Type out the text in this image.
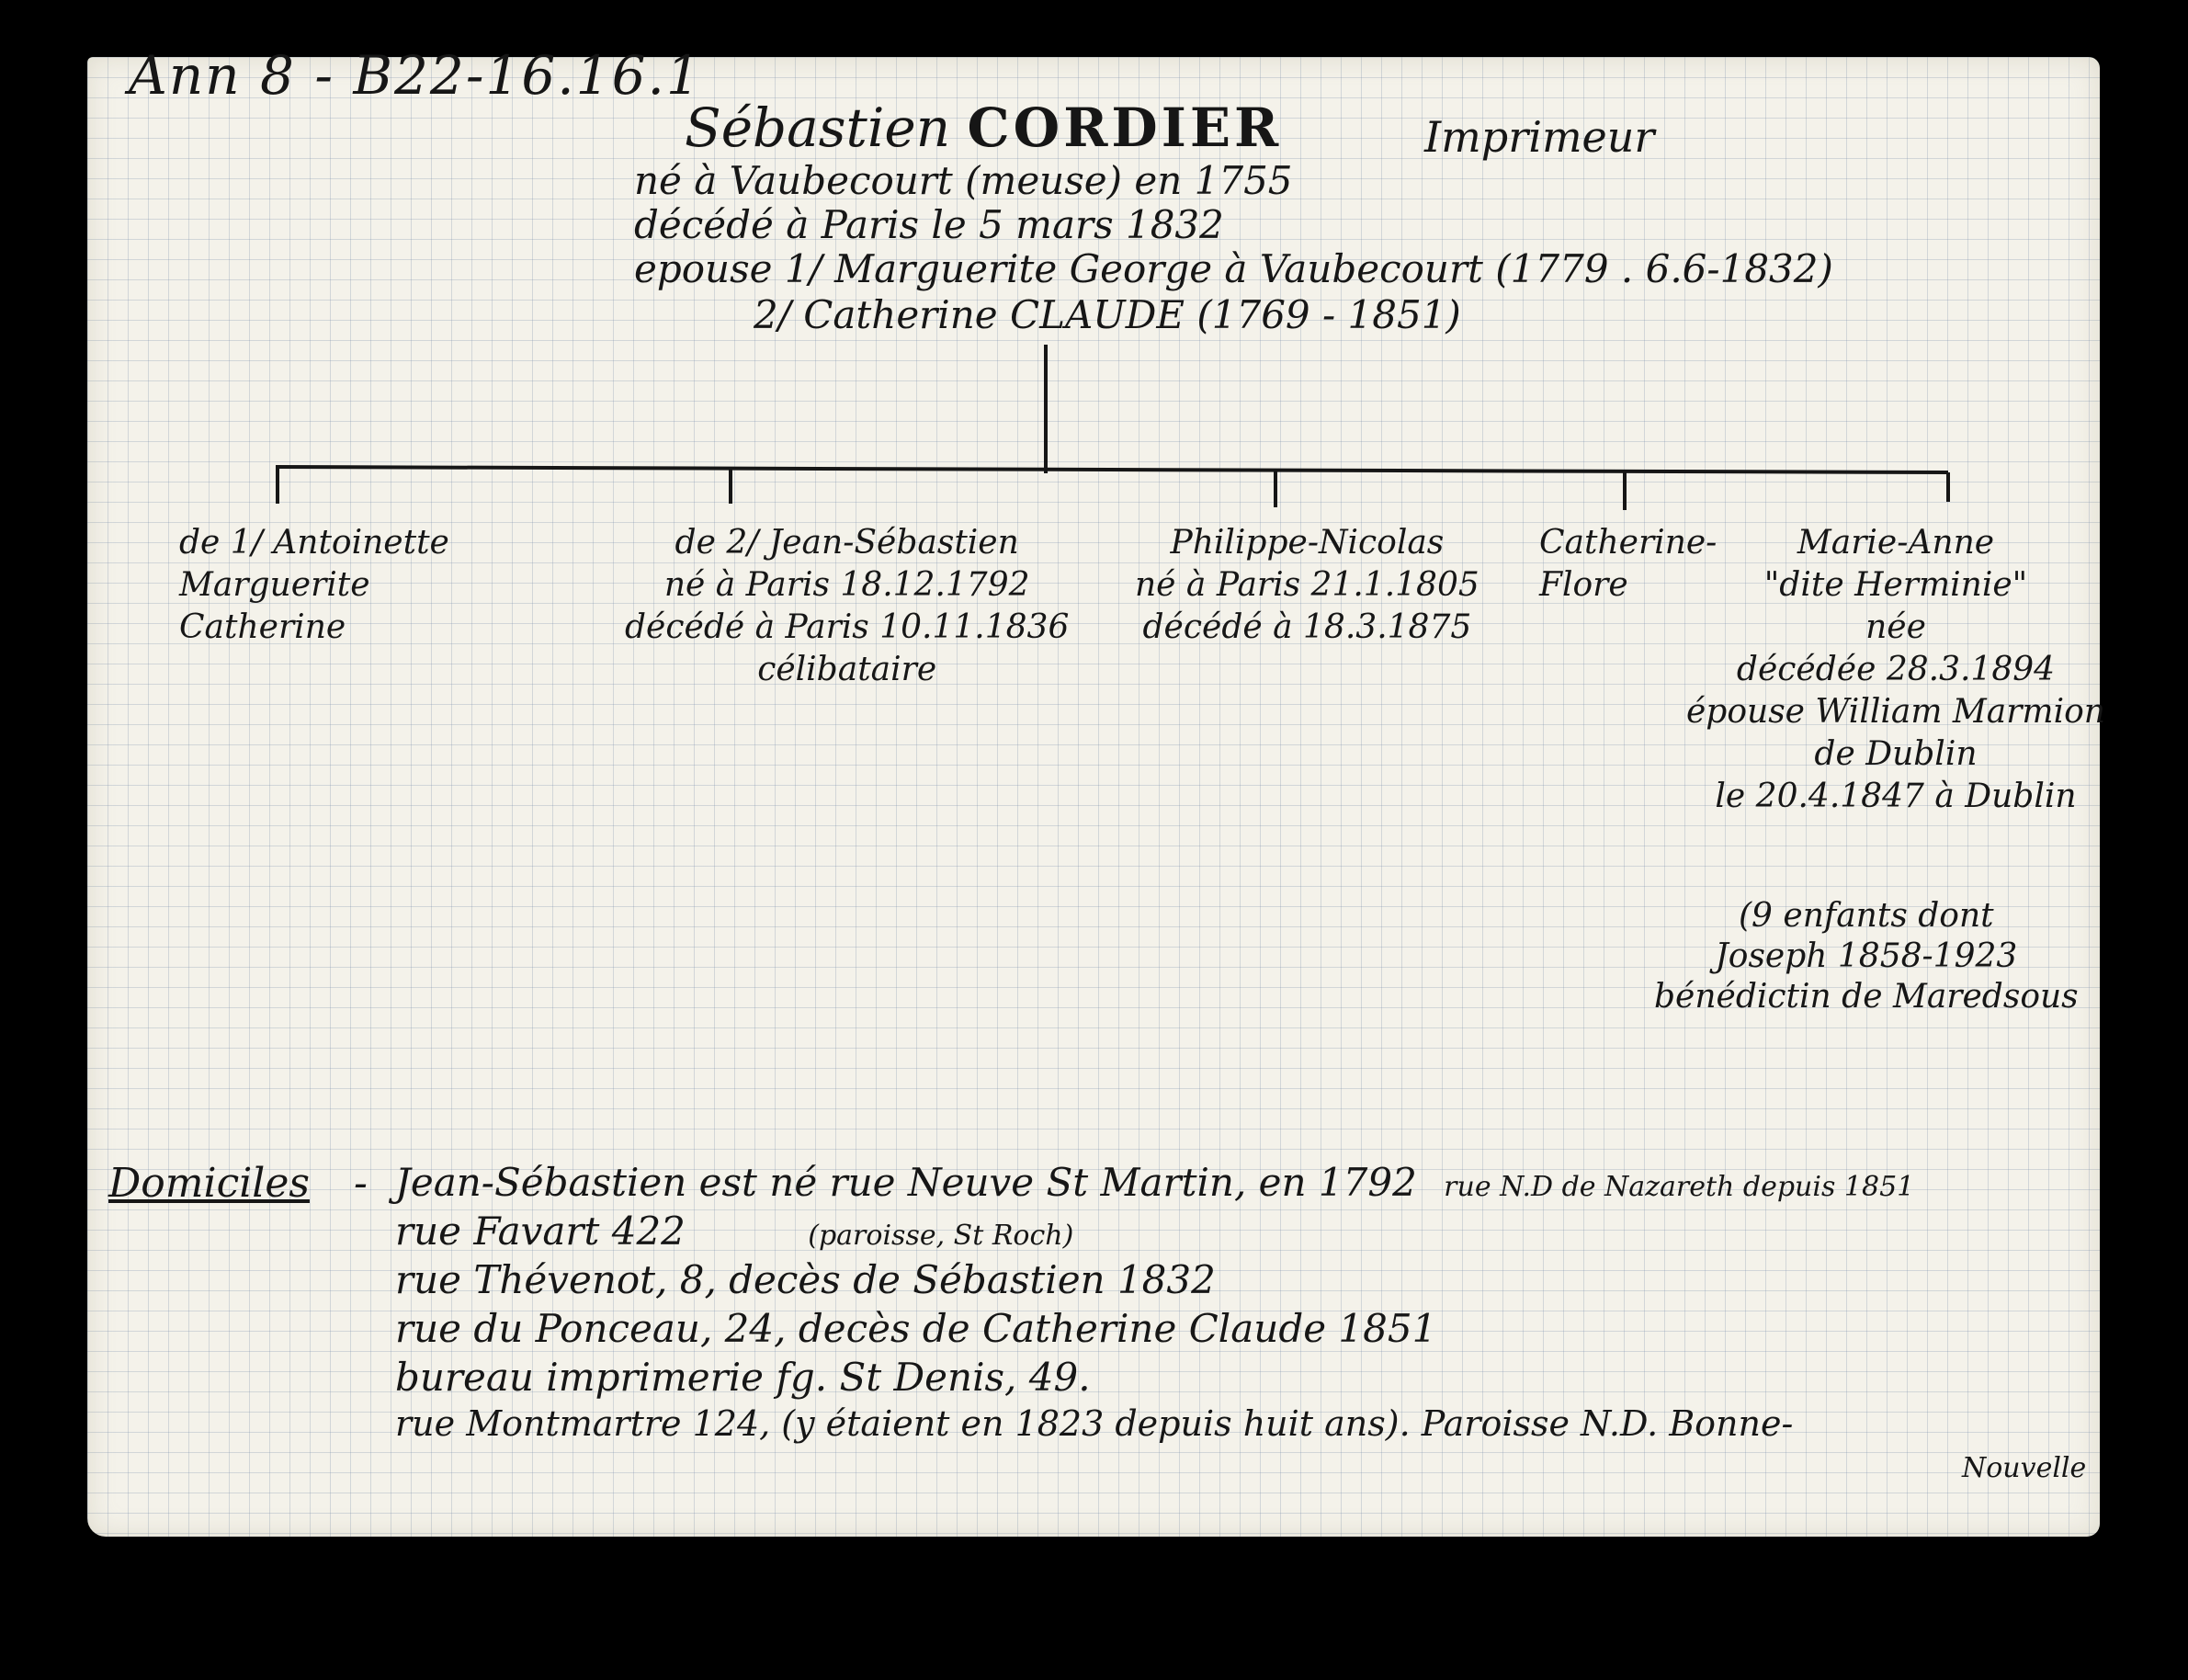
Ann 8 - B22-16.16.1
Sébastien CORDIER	Imprimeur
né à Vaubecourt (meuse) en 1755
décédé à Paris le 5 mars 1832
epouse 1/ Marguerite George à Vaubecourt (1779 . 6.6-1832)
2/ Catherine CLAUDE (1769 - 1851)
de 1/ Antoinette
Marguerite
Catherine
de 2/ Jean-Sébastien
né à Paris 18.12.1792
décédé à Paris 10.11.1836
célibataire
Philippe-Nicolas
né à Paris 21.1.1805
décédé à 18.3.1875
Catherine-
Flore
Marie-Anne
"dite Herminie"
née
décédée 28.3.1894
épouse William Marmion
de Dublin
le 20.4.1847 à Dublin
(9 enfants dont
Joseph 1858-1923
bénédictin de Maredsous
Domiciles - Jean-Sébastien est né rue Neuve St Martin, en 1792 rue N.D de Nazareth depuis 1851
rue Favart 422	(paroisse, St Roch)
rue Thévenot, 8, decès de Sébastien 1832
rue du Ponceau, 24, decès de Catherine Claude 1851
bureau imprimerie fg. St Denis, 49.
rue Montmartre 124, (y étaient en 1823 depuis huit ans). Paroisse N.D. Bonne-
Nouvelle
